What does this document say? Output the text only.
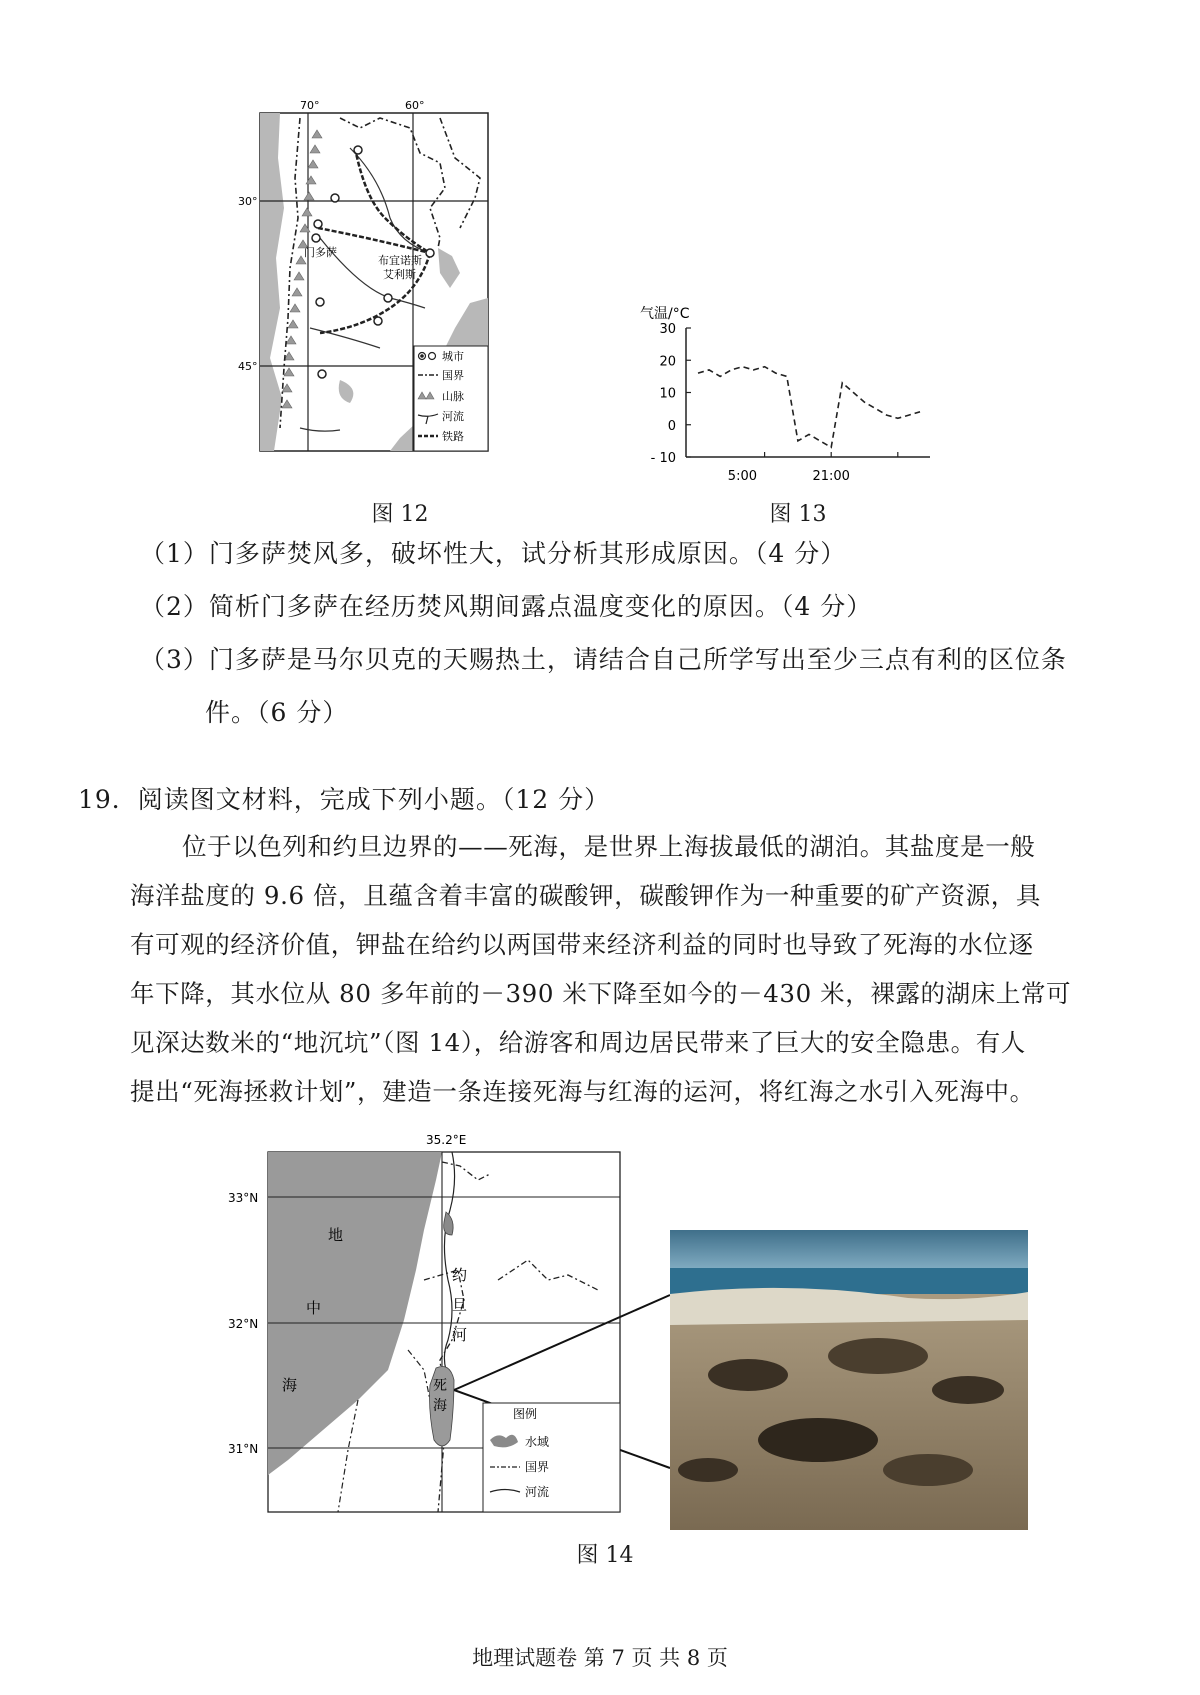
70°	60°
30°
45°
门多萨
布宜诺斯
艾利斯
城市
国界
山脉
河流
铁路
图 12
气温/°C
30
20
10
0
- 10
5:00	21:00
图 13
（1）门多萨焚风多，破坏性大，试分析其形成原因。（4 分）
（2）简析门多萨在经历焚风期间露点温度变化的原因。（4 分）
（3）门多萨是马尔贝克的天赐热土，请结合自己所学写出至少三点有利的区位条
件。（6 分）
19．阅读图文材料，完成下列小题。（12 分）

位于以色列和约旦边界的——死海，是世界上海拔最低的湖泊。其盐度是一般

海洋盐度的 9.6 倍，且蕴含着丰富的碳酸钾，碳酸钾作为一种重要的矿产资源，具

有可观的经济价值，钾盐在给约以两国带来经济利益的同时也导致了死海的水位逐

年下降，其水位从 80 多年前的－390 米下降至如今的－430 米，裸露的湖床上常可

见深达数米的“地沉坑”（图 14），给游客和周边居民带来了巨大的安全隐患。有人

提出“死海拯救计划”，建造一条连接死海与红海的运河，将红海之水引入死海中。

35.2°E
33°N
32°N
31°N
地
中
海
约
旦
河
死
海	图例
水域
国界
河流
图 14
地理试题卷 第 7 页 共 8 页
